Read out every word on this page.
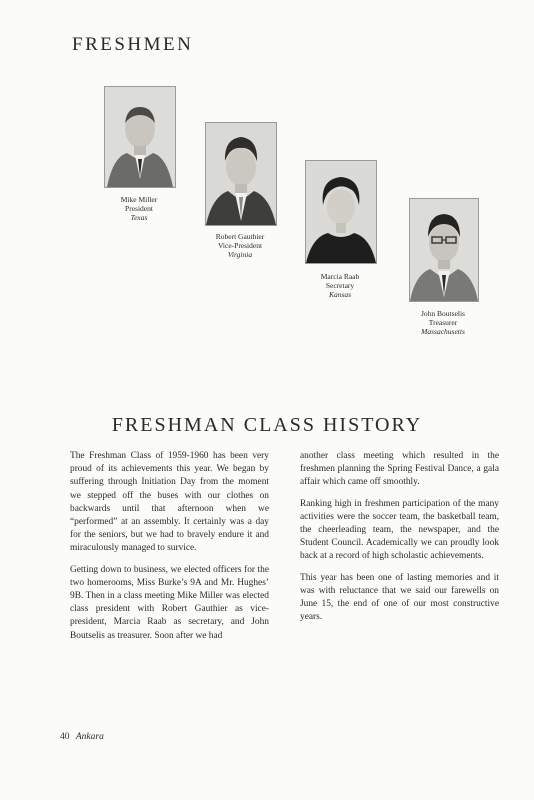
FRESHMEN
Mike Miller
President
Texas
Robert Gauthier
Vice-President
Virginia
Marcia Raab
Secretary
Kansas
John Boutselis
Treasurer
Massachusetts
FRESHMAN CLASS HISTORY

The Freshman Class of 1959-1960 has been very proud of its achievements this year. We began by suffering through Initiation Day from the moment we stepped off the buses with our clothes on backwards until that afternoon when we “performed” at an assembly. It certainly was a day for the seniors, but we had to bravely endure it and miraculously managed to survice.

Getting down to business, we elected officers for the two homerooms, Miss Burke’s 9A and Mr. Hughes’ 9B. Then in a class meeting Mike Miller was elected class president with Robert Gauthier as vice-president, Marcia Raab as secretary, and John Boutselis as treasurer. Soon after we had

another class meeting which resulted in the freshmen planning the Spring Festival Dance, a gala affair which came off smoothly.

Ranking high in freshmen participation of the many activities were the soccer team, the basketball team, the cheerleading team, the newspaper, and the Student Council. Academically we can proudly look back at a record of high scholastic achievements.

This year has been one of lasting memories and it was with reluctance that we said our farewells on June 15, the end of one of our most constructive years.

40 Ankara
